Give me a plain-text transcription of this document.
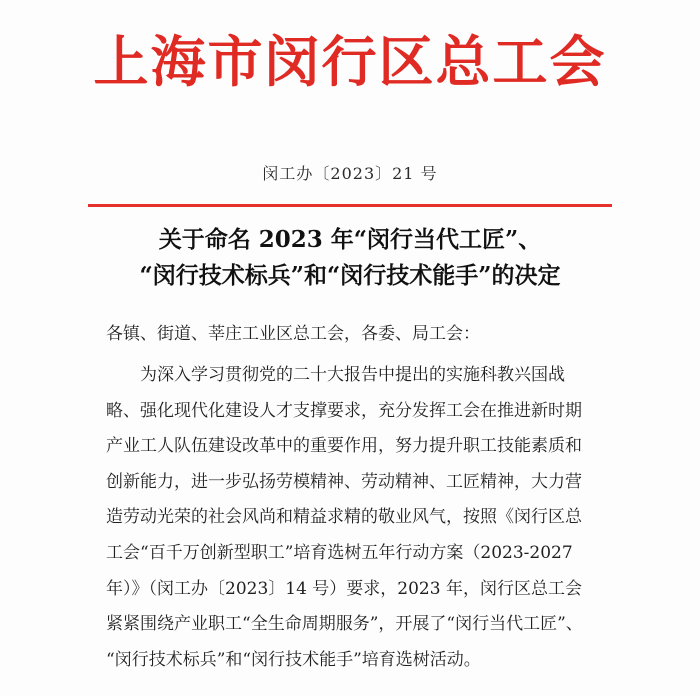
上海市闵行区总工会
闵工办〔2023〕21 号
关于命名 2023 年“闵行当代工匠”、
“闵行技术标兵”和“闵行技术能手”的决定
各镇、街道、莘庄工业区总工会，各委、局工会：
为深入学习贯彻党的二十大报告中提出的实施科教兴国战
略、强化现代化建设人才支撑要求，充分发挥工会在推进新时期
产业工人队伍建设改革中的重要作用，努力提升职工技能素质和
创新能力，进一步弘扬劳模精神、劳动精神、工匠精神，大力营
造劳动光荣的社会风尚和精益求精的敬业风气，按照《闵行区总
工会“百千万创新型职工”培育选树五年行动方案（2023-2027
年）》（闵工办〔2023〕14 号）要求，2023 年，闵行区总工会
紧紧围绕产业职工“全生命周期服务”，开展了“闵行当代工匠”、
“闵行技术标兵”和“闵行技术能手”培育选树活动。
